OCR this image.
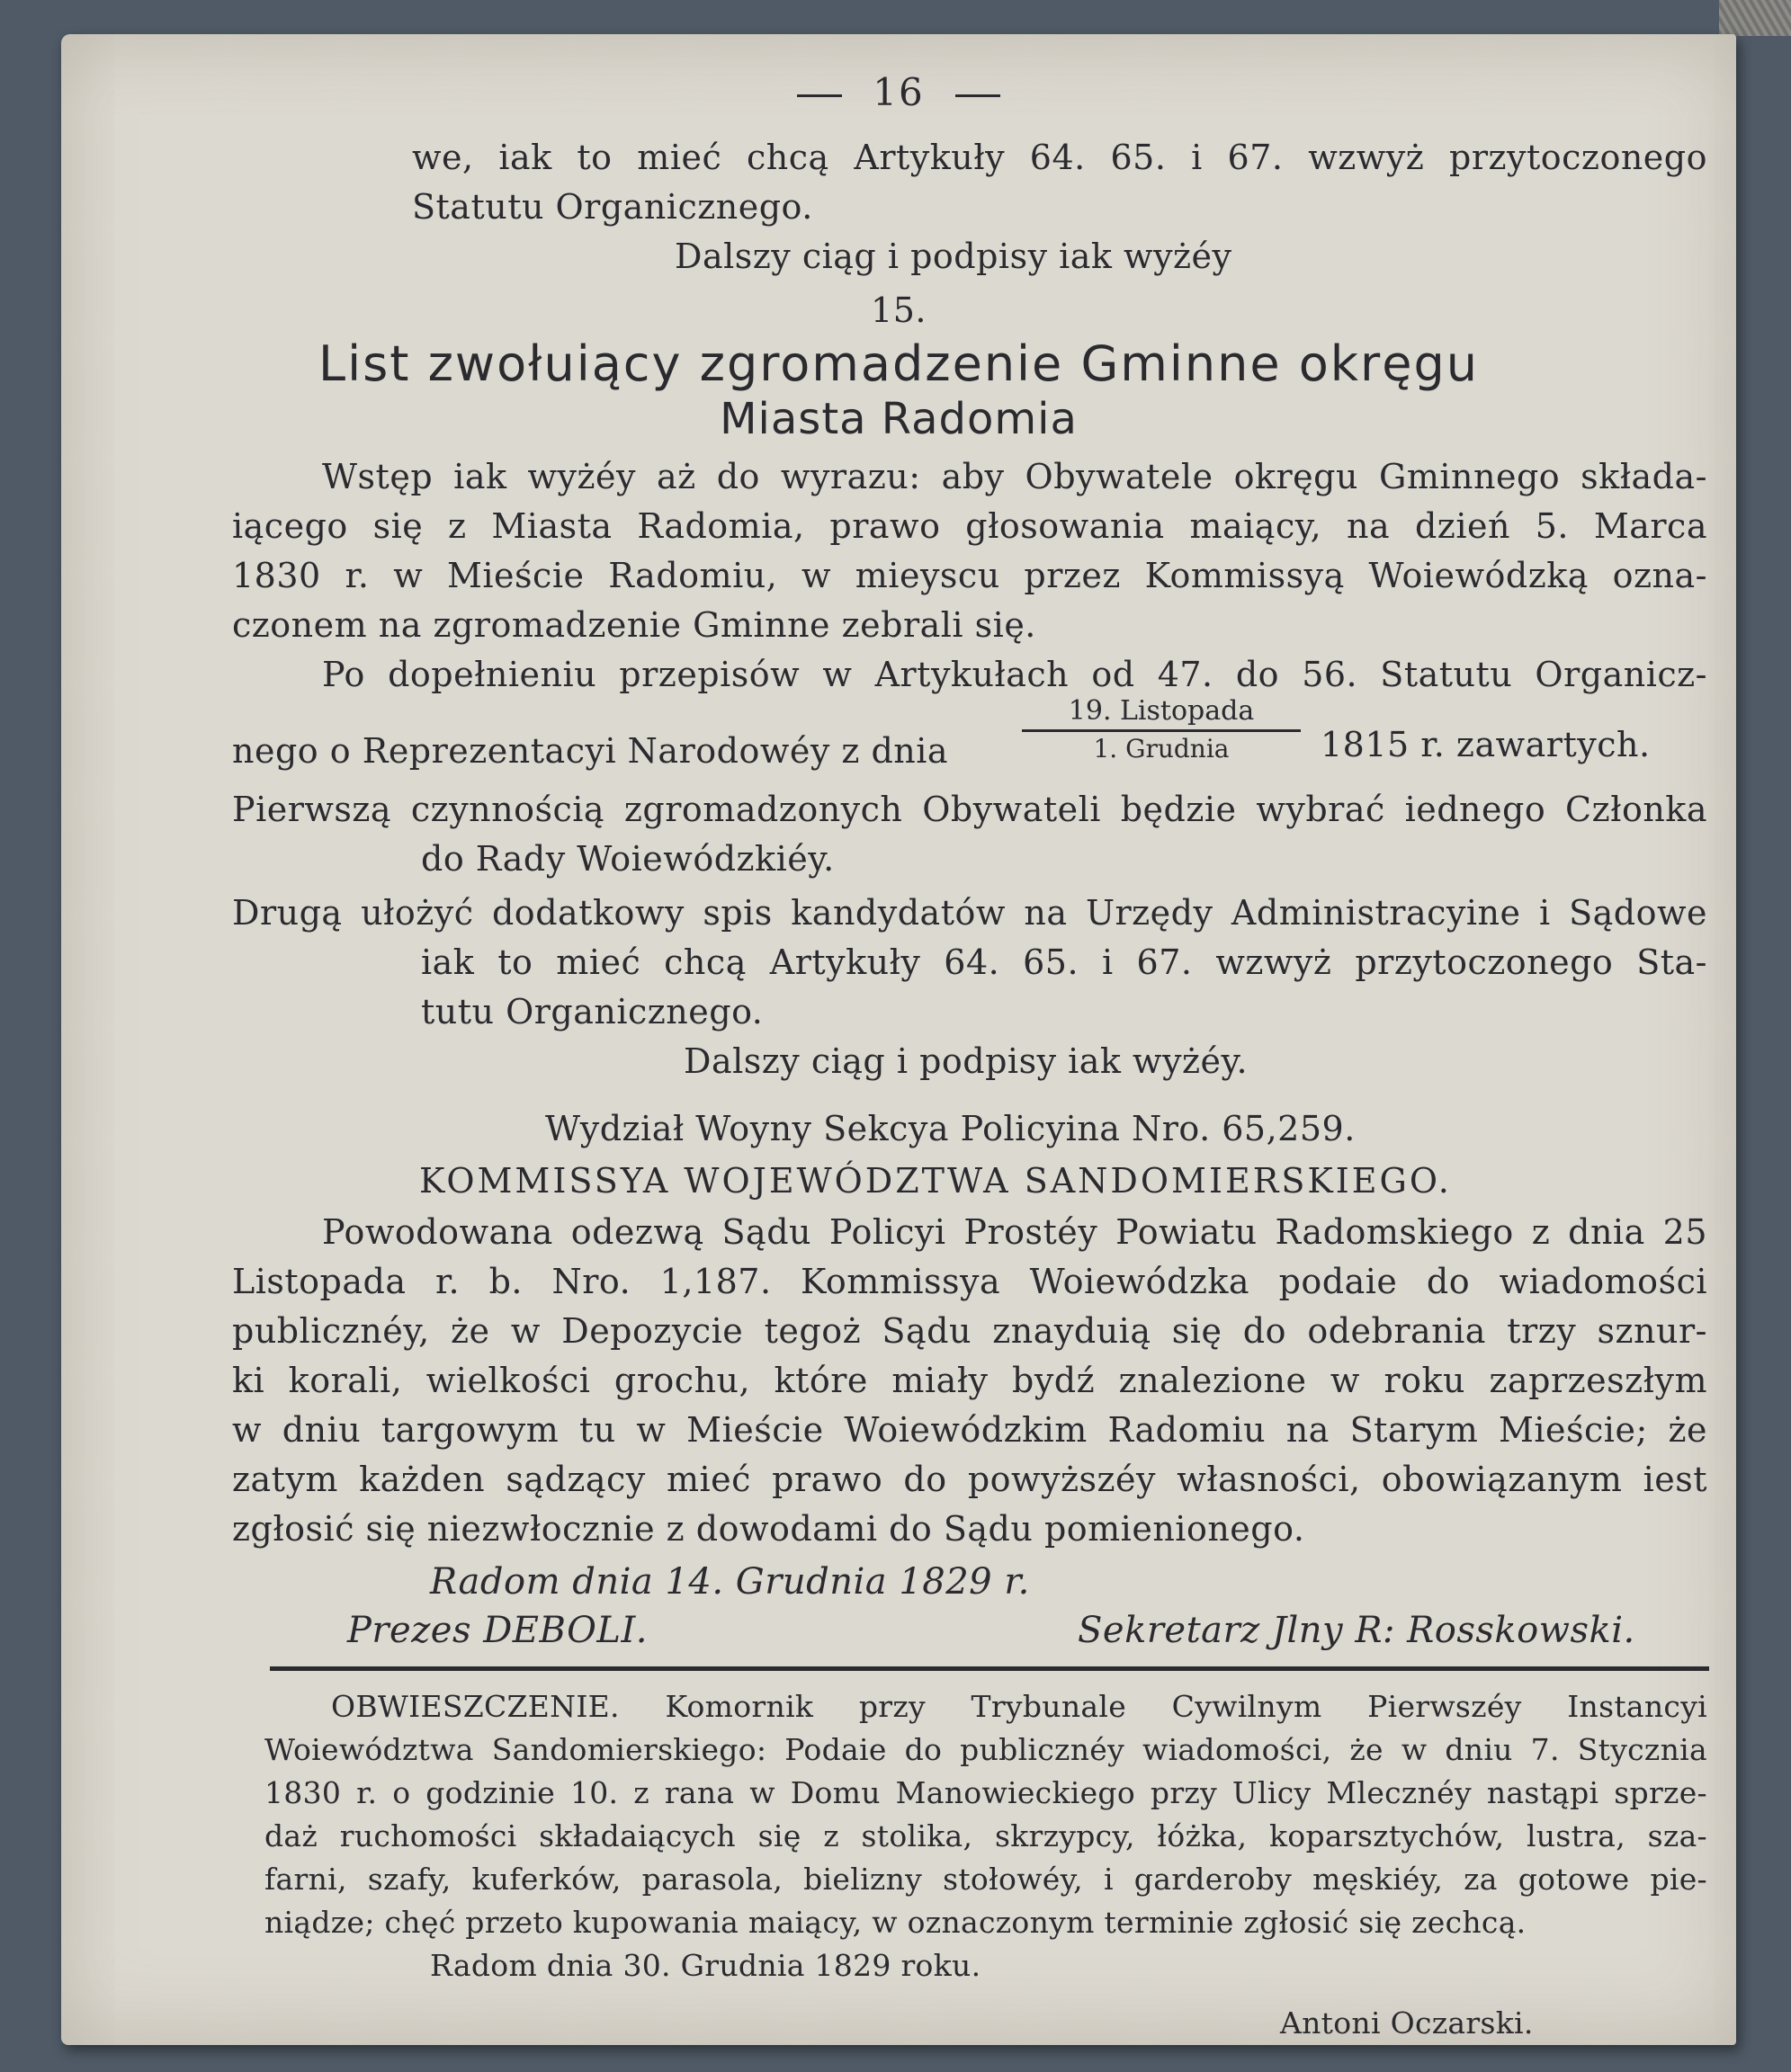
16
we, iak to mieć chcą Artykuły 64. 65. i 67. wzwyż przytoczonego
Statutu Organicznego.
Dalszy ciąg i podpisy iak wyżéy
15.
List zwołuiący zgromadzenie Gminne okręgu
Miasta Radomia
Wstęp iak wyżéy aż do wyrazu: aby Obywatele okręgu Gminnego składa-
iącego się z Miasta Radomia, prawo głosowania maiący, na dzień 5. Marca
1830 r. w Mieście Radomiu, w mieyscu przez Kommissyą Woiewódzką ozna-
czonem na zgromadzenie Gminne zebrali się.
Po dopełnieniu przepisów w Artykułach od 47. do 56. Statutu Organicz-
nego o Reprezentacyi Narodowéy z dnia
19. Listopada
1. Grudnia	1815 r. zawartych.
Pierwszą czynnością zgromadzonych Obywateli będzie wybrać iednego Członka
do Rady Woiewódzkiéy.
Drugą ułożyć dodatkowy spis kandydatów na Urzędy Administracyine i Sądowe
iak to mieć chcą Artykuły 64. 65. i 67. wzwyż przytoczonego Sta-
tutu Organicznego.
Dalszy ciąg i podpisy iak wyżéy.
Wydział Woyny Sekcya Policyina Nro. 65,259.
KOMMISSYA WOJEWÓDZTWA SANDOMIERSKIEGO.
Powodowana odezwą Sądu Policyi Prostéy Powiatu Radomskiego z dnia 25
Listopada r. b. Nro. 1,187. Kommissya Woiewódzka podaie do wiadomości
publicznéy, że w Depozycie tegoż Sądu znayduią się do odebrania trzy sznur-
ki korali, wielkości grochu, które miały bydź znalezione w roku zaprzeszłym
w dniu targowym tu w Mieście Woiewódzkim Radomiu na Starym Mieście; że
zatym każden sądzący mieć prawo do powyższéy własności, obowiązanym iest
zgłosić się niezwłocznie z dowodami do Sądu pomienionego.
Radom dnia 14. Grudnia 1829 r.
Prezes DEBOLI.	Sekretarz Jlny R: Rosskowski.
OBWIESZCZENIE. Komornik przy Trybunale Cywilnym Pierwszéy Instancyi
Woiewództwa Sandomierskiego: Podaie do publicznéy wiadomości, że w dniu 7. Stycznia
1830 r. o godzinie 10. z rana w Domu Manowieckiego przy Ulicy Mlecznéy nastąpi sprze-
daż ruchomości składaiących się z stolika, skrzypcy, łóżka, koparsztychów, lustra, sza-
farni, szafy, kuferków, parasola, bielizny stołowéy, i garderoby męskiéy, za gotowe pie-
niądze; chęć przeto kupowania maiący, w oznaczonym terminie zgłosić się zechcą.
Radom dnia 30. Grudnia 1829 roku.
Antoni Oczarski.
